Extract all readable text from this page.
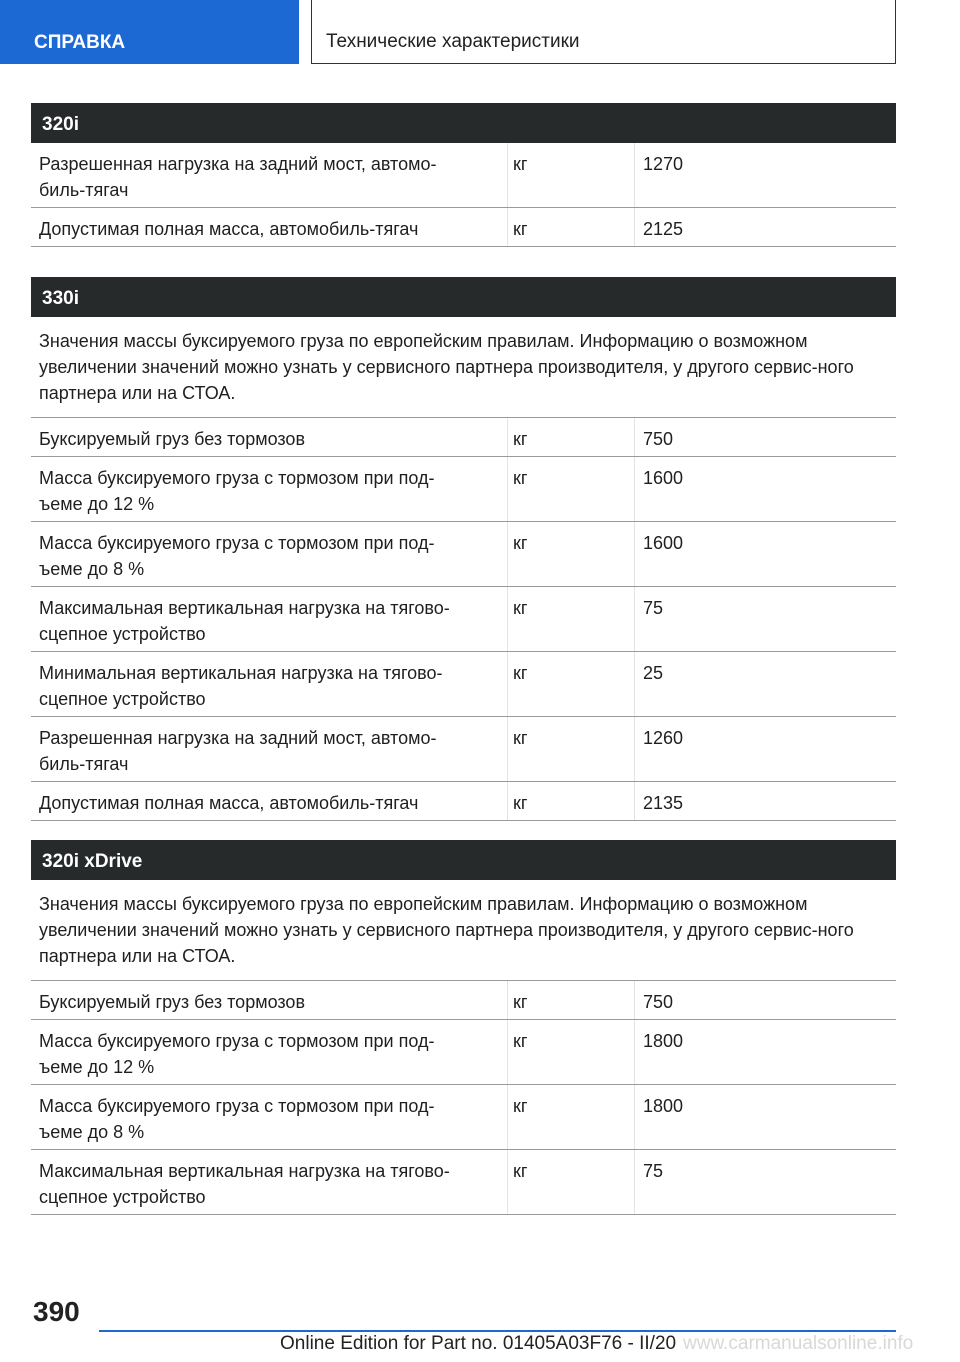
СПРАВКА	Технические характеристики
320i
Разрешенная нагрузка на задний мост, автомо‐
биль-тягач
кг	1270
Допустимая полная масса, автомобиль-тягач	кг	2125
330i
Значения массы буксируемого груза по европейским правилам. Информацию о возможном увеличении значений можно узнать у сервисного партнера производителя, у другого сервис‐ного партнера или на СТОА.
Буксируемый груз без тормозов	кг	750
Масса буксируемого груза с тормозом при под‐
ъеме до 12 %
кг	1600
Масса буксируемого груза с тормозом при под‐
ъеме до 8 %
кг	1600
Максимальная вертикальная нагрузка на тягово-
сцепное устройство
кг	75
Минимальная вертикальная нагрузка на тягово-
сцепное устройство
кг	25
Разрешенная нагрузка на задний мост, автомо‐
биль-тягач
кг	1260
Допустимая полная масса, автомобиль-тягач	кг	2135
320i xDrive
Значения массы буксируемого груза по европейским правилам. Информацию о возможном увеличении значений можно узнать у сервисного партнера производителя, у другого сервис‐ного партнера или на СТОА.
Буксируемый груз без тормозов	кг	750
Масса буксируемого груза с тормозом при под‐
ъеме до 12 %
кг	1800
Масса буксируемого груза с тормозом при под‐
ъеме до 8 %
кг	1800
Максимальная вертикальная нагрузка на тягово-
сцепное устройство
кг	75
390
Online Edition for Part no. 01405A03F76 - II/20 www.carmanualsonline.info
